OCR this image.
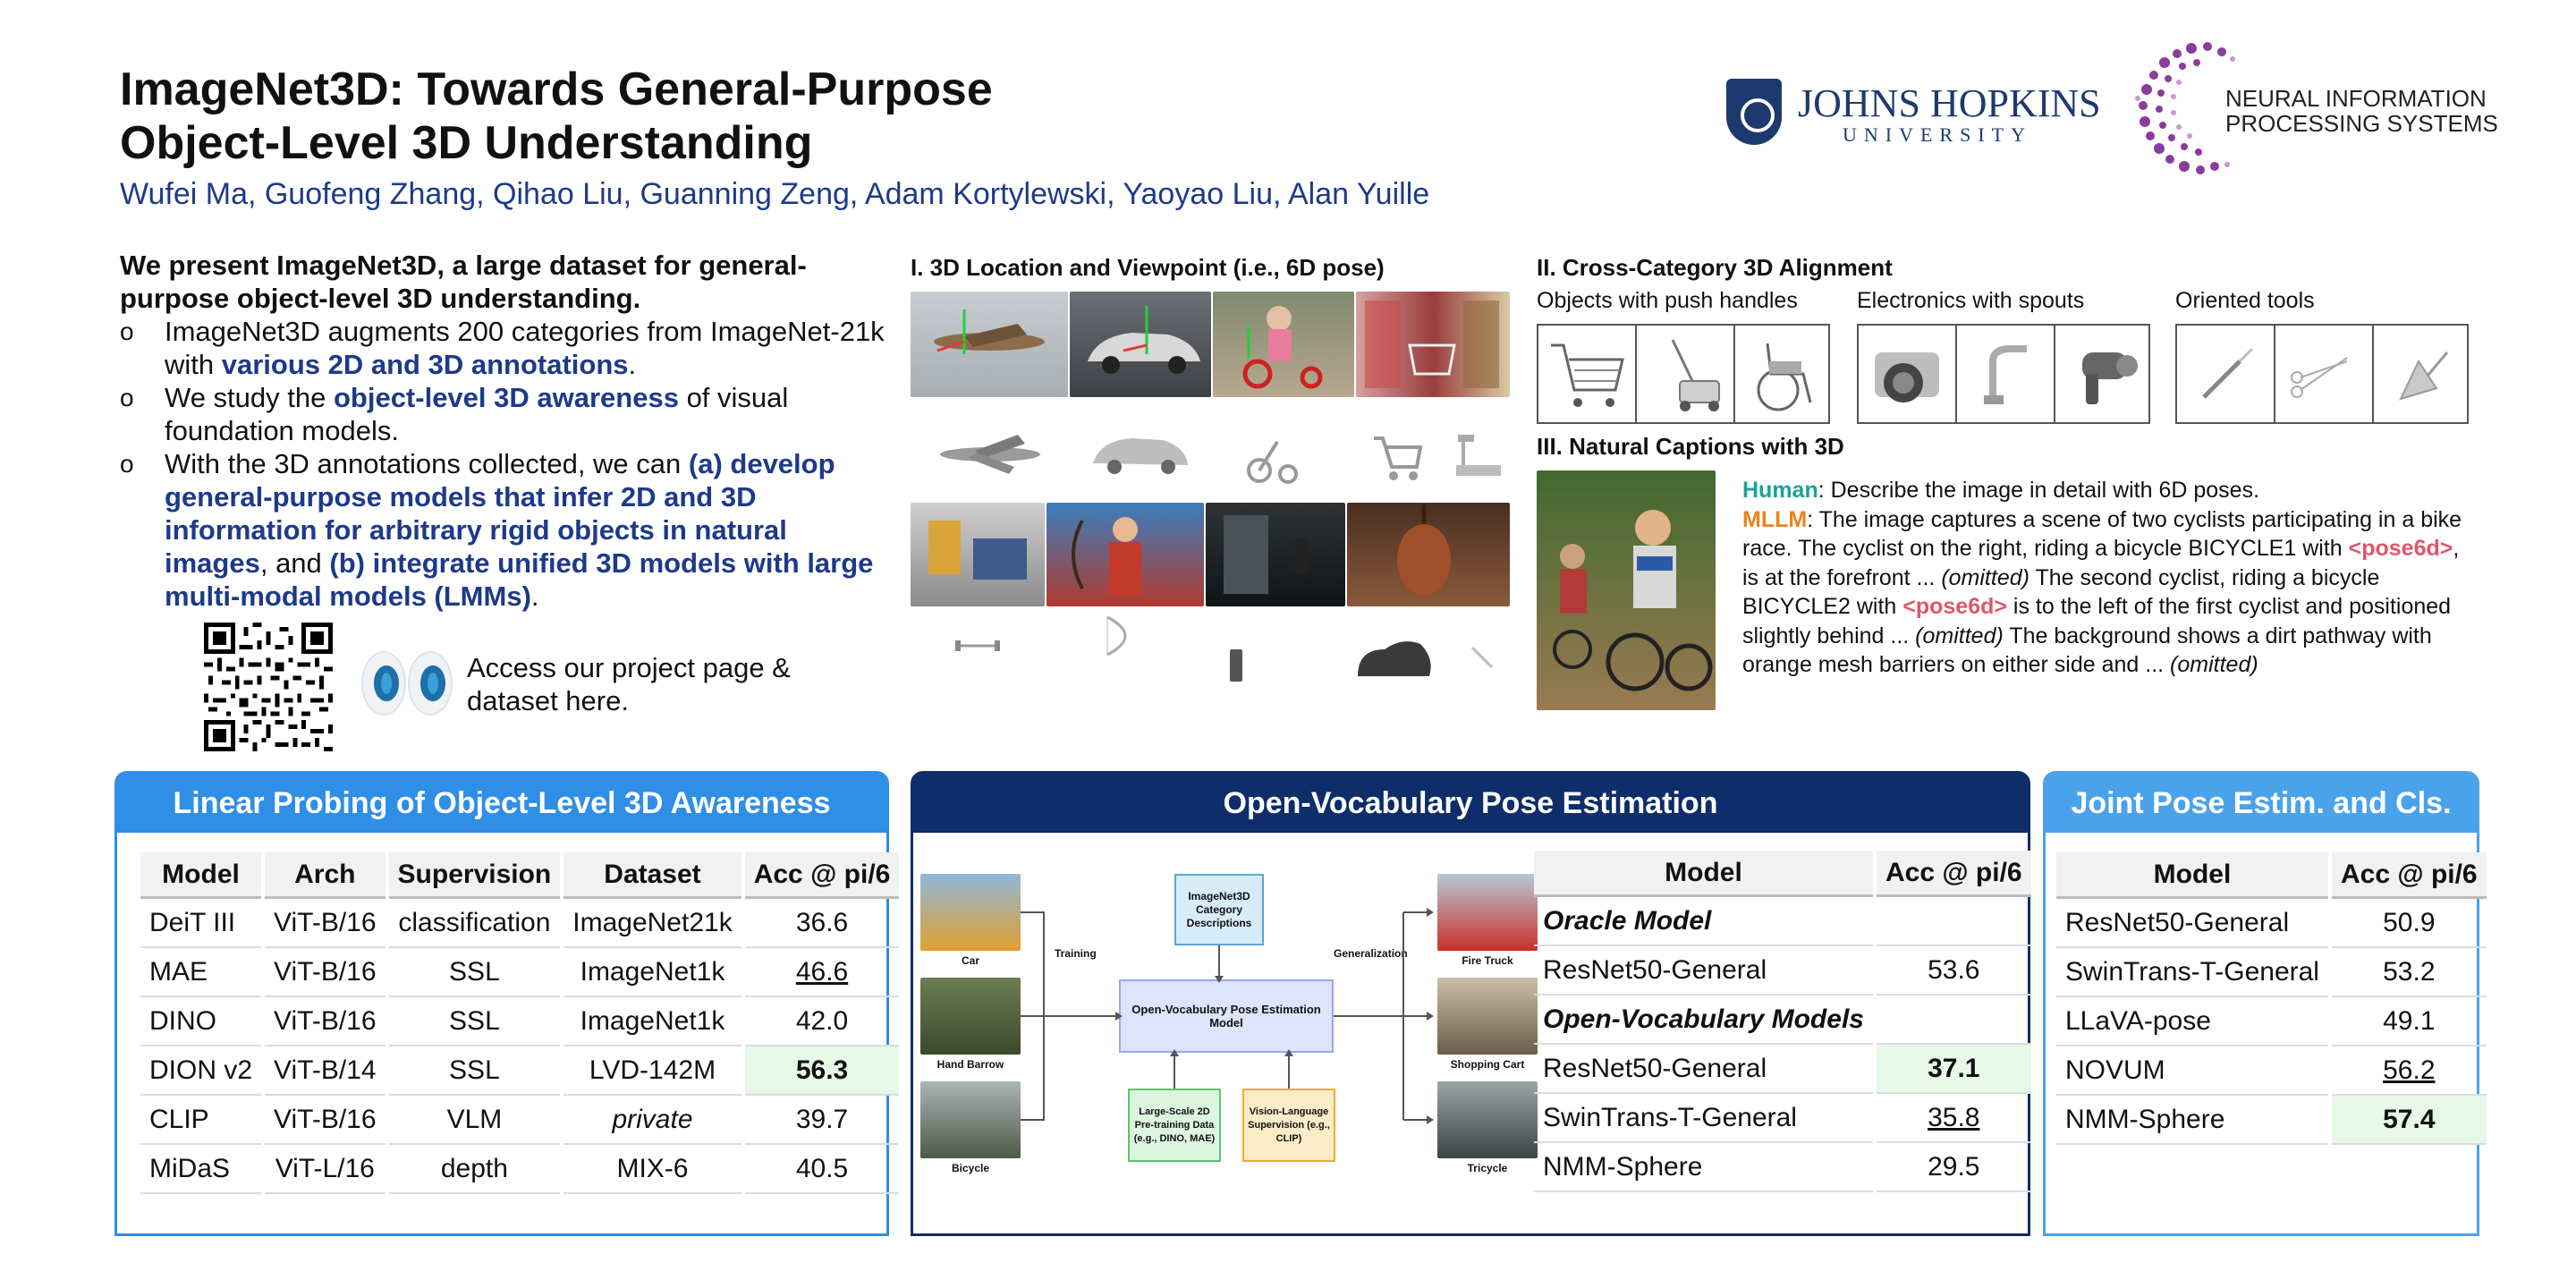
ImageNet3D: Towards General-Purpose
Object-Level 3D Understanding
Wufei Ma, Guofeng Zhang, Qihao Liu, Guanning Zeng, Adam Kortylewski, Yaoyao Liu, Alan Yuille
JOHNS HOPKINS
UNIVERSITY
NEURAL INFORMATION
PROCESSING SYSTEMS
We present ImageNet3D, a large dataset for general-purpose object-level 3D understanding.
o ImageNet3D augments 200 categories from ImageNet-21k with various 2D and 3D annotations.
o We study the object-level 3D awareness of visual foundation models.
o With the 3D annotations collected, we can (a) develop general-purpose models that infer 2D and 3D information for arbitrary rigid objects in natural images, and (b) integrate unified 3D models with large multi-modal models (LMMs).
Access our project page & dataset here.
I. 3D Location and Viewpoint (i.e., 6D pose)	II. Cross-Category 3D Alignment
Objects with push handles	Electronics with spouts	Oriented tools
III. Natural Captions with 3D
Human: Describe the image in detail with 6D poses.
MLLM: The image captures a scene of two cyclists participating in a bike race. The cyclist on the right, riding a bicycle BICYCLE1 with <pose6d>, is at the forefront ... (omitted) The second cyclist, riding a bicycle BICYCLE2 with <pose6d> is to the left of the first cyclist and positioned slightly behind ... (omitted) The background shows a dirt pathway with orange mesh barriers on either side and ... (omitted)
Linear Probing of Object-Level 3D Awareness
Model	Arch	Supervision	Dataset	Acc @ pi/6
DeiT III	ViT-B/16	classification	ImageNet21k	36.6
MAE	ViT-B/16	SSL	ImageNet1k	46.6
DINO	ViT-B/16	SSL	ImageNet1k	42.0
DION v2	ViT-B/14	SSL	LVD-142M	56.3
CLIP	ViT-B/16	VLM	private	39.7
MiDaS	ViT-L/16	depth	MIX-6	40.5
Open-Vocabulary Pose Estimation
Car
Hand Barrow
Bicycle
Training	Generalization
ImageNet3D Category Descriptions
Open-Vocabulary Pose Estimation Model
Large-Scale 2D Pre-training Data (e.g., DINO, MAE)
Vision-Language Supervision (e.g., CLIP)
Fire Truck
Shopping Cart
Tricycle
Model	Acc @ pi/6
Oracle Model	
ResNet50-General	53.6
Open-Vocabulary Models	
ResNet50-General	37.1
SwinTrans-T-General	35.8
NMM-Sphere	29.5
Joint Pose Estim. and Cls.
Model	Acc @ pi/6
ResNet50-General	50.9
SwinTrans-T-General	53.2
LLaVA-pose	49.1
NOVUM	56.2
NMM-Sphere	57.4
